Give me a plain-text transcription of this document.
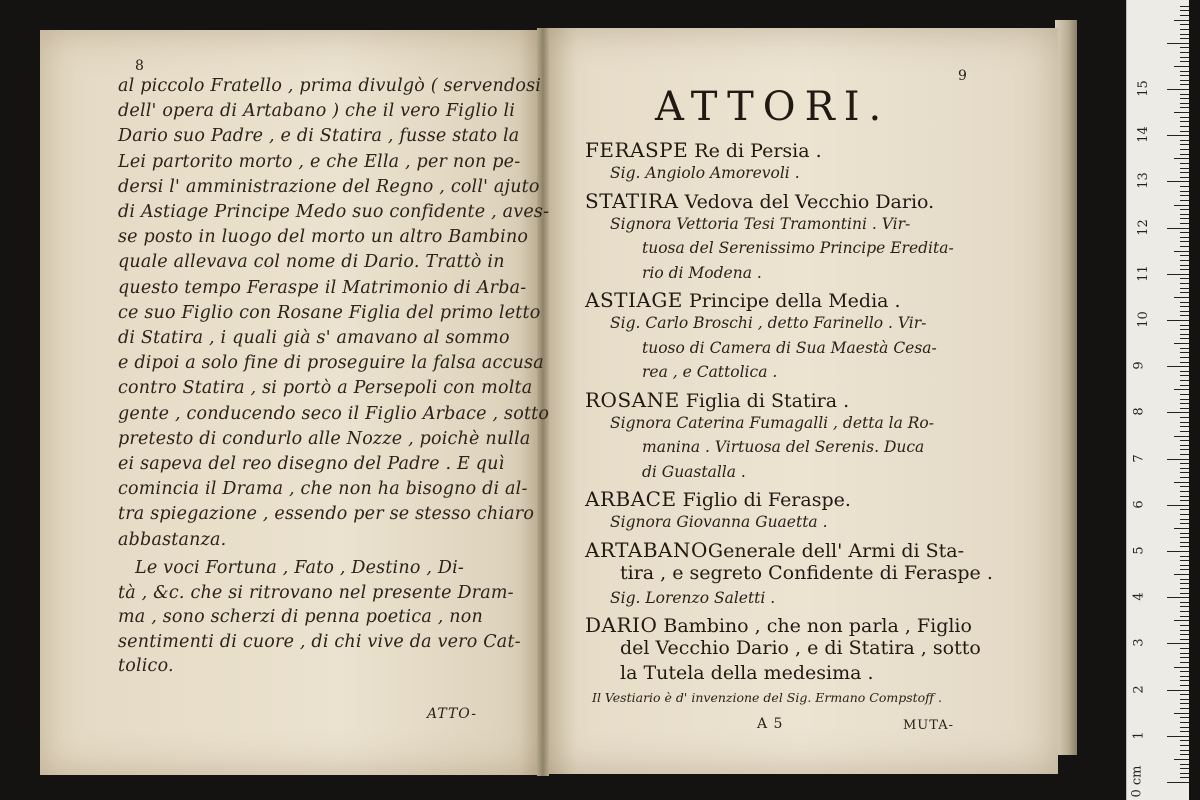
8
al piccolo Fratello , prima divulgò ( servendosi
dell' opera di Artabano ) che il vero Figlio li
Dario suo Padre , e di Statira , fusse stato la
Lei partorito morto , e che Ella , per non pe-
dersi l' amministrazione del Regno , coll' ajuto
di Astiage Principe Medo suo confidente , aves-
se posto in luogo del morto un altro Bambino
quale allevava col nome di Dario. Trattò in
questo tempo Feraspe il Matrimonio di Arba-
ce suo Figlio con Rosane Figlia del primo letto
di Statira , i quali già s' amavano al sommo
e dipoi a solo fine di proseguire la falsa accusa
contro Statira , si portò a Persepoli con molta
gente , conducendo seco il Figlio Arbace , sotto
pretesto di condurlo alle Nozze , poichè nulla
ei sapeva del reo disegno del Padre . E quì
comincia il Drama , che non ha bisogno di al-
tra spiegazione , essendo per se stesso chiaro
abbastanza.
Le voci Fortuna , Fato , Destino , Di-
tà , &c. che si ritrovano nel presente Dram-
ma , sono scherzi di penna poetica , non
sentimenti di cuore , di chi vive da vero Cat-
tolico.
ATTO-
9
ATTORI.
FERASPE Re di Persia .
Sig. Angiolo Amorevoli .
STATIRA Vedova del Vecchio Dario.
Signora Vettoria Tesi Tramontini . Vir-
tuosa del Serenissimo Principe Eredita-
rio di Modena .
ASTIAGE Principe della Media .
Sig. Carlo Broschi , detto Farinello . Vir-
tuoso di Camera di Sua Maestà Cesa-
rea , e Cattolica .
ROSANE Figlia di Statira .
Signora Caterina Fumagalli , detta la Ro-
manina . Virtuosa del Serenis. Duca
di Guastalla .
ARBACE Figlio di Feraspe.
Signora Giovanna Guaetta .
ARTABANOGenerale dell' Armi di Sta-
tira , e segreto Confidente di Feraspe .
Sig. Lorenzo Saletti .
DARIO Bambino , che non parla , Figlio
del Vecchio Dario , e di Statira , sotto
la Tutela della medesima .
Il Vestiario è d' invenzione del Sig. Ermano Compstoff .
A 5	MUTA-
0 cm
1
2
3
4
5
6
7
8
9
10
11
12
13
14
15
